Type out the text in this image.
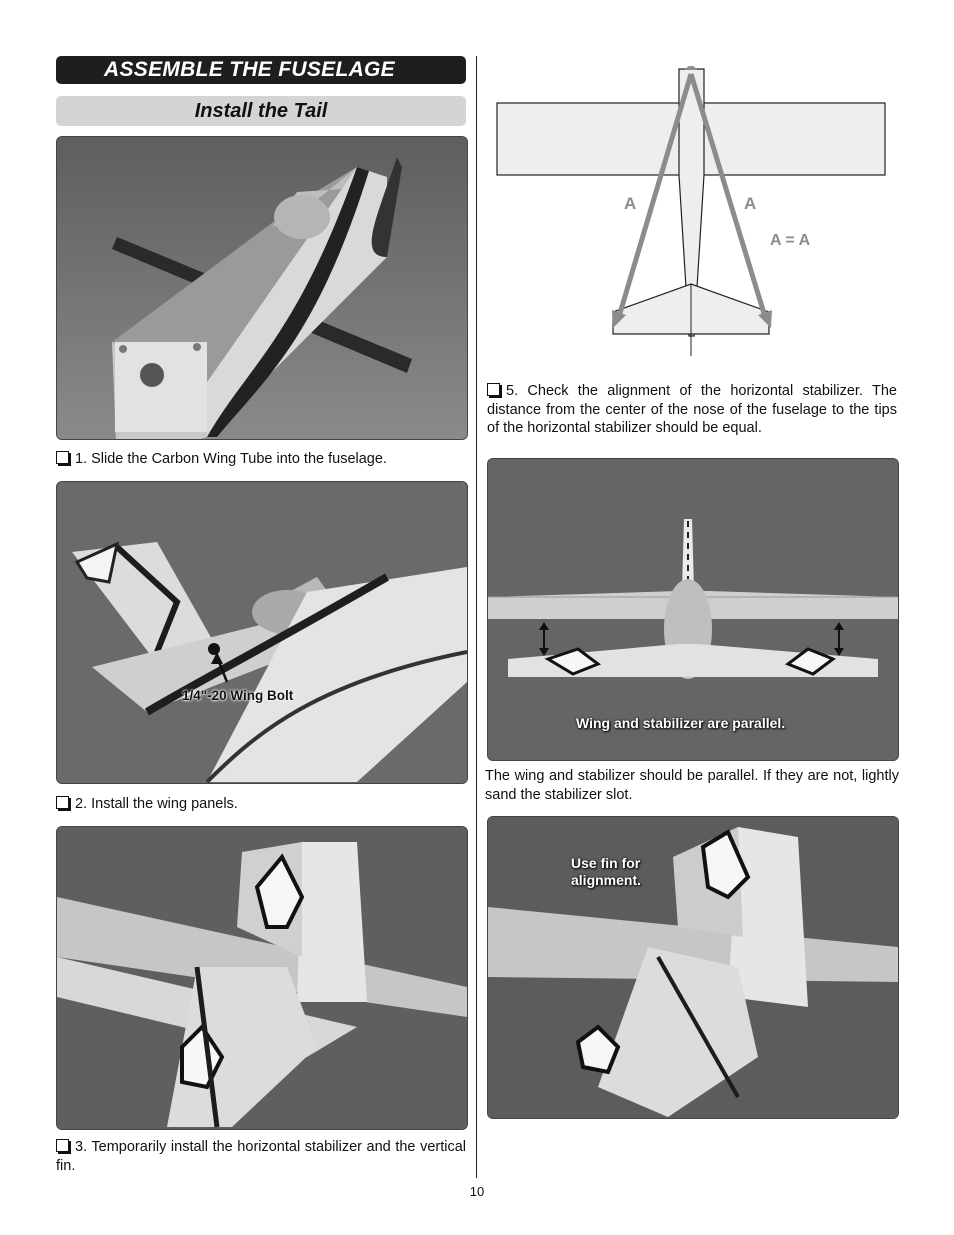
ASSEMBLE THE FUSELAGE
Install the Tail
1. Slide the Carbon Wing Tube into the fuselage.
1/4"-20 Wing Bolt
2. Install the wing panels.
3. Temporarily install the horizontal stabilizer and the vertical fin.
A	A
A = A
5. Check the alignment of the horizontal stabilizer. The distance from the center of the nose of the fuselage to the tips of the horizontal stabilizer should be equal.
Wing and stabilizer are parallel.
The wing and stabilizer should be parallel. If they are not, lightly sand the stabilizer slot.
Use fin for
alignment.
10
